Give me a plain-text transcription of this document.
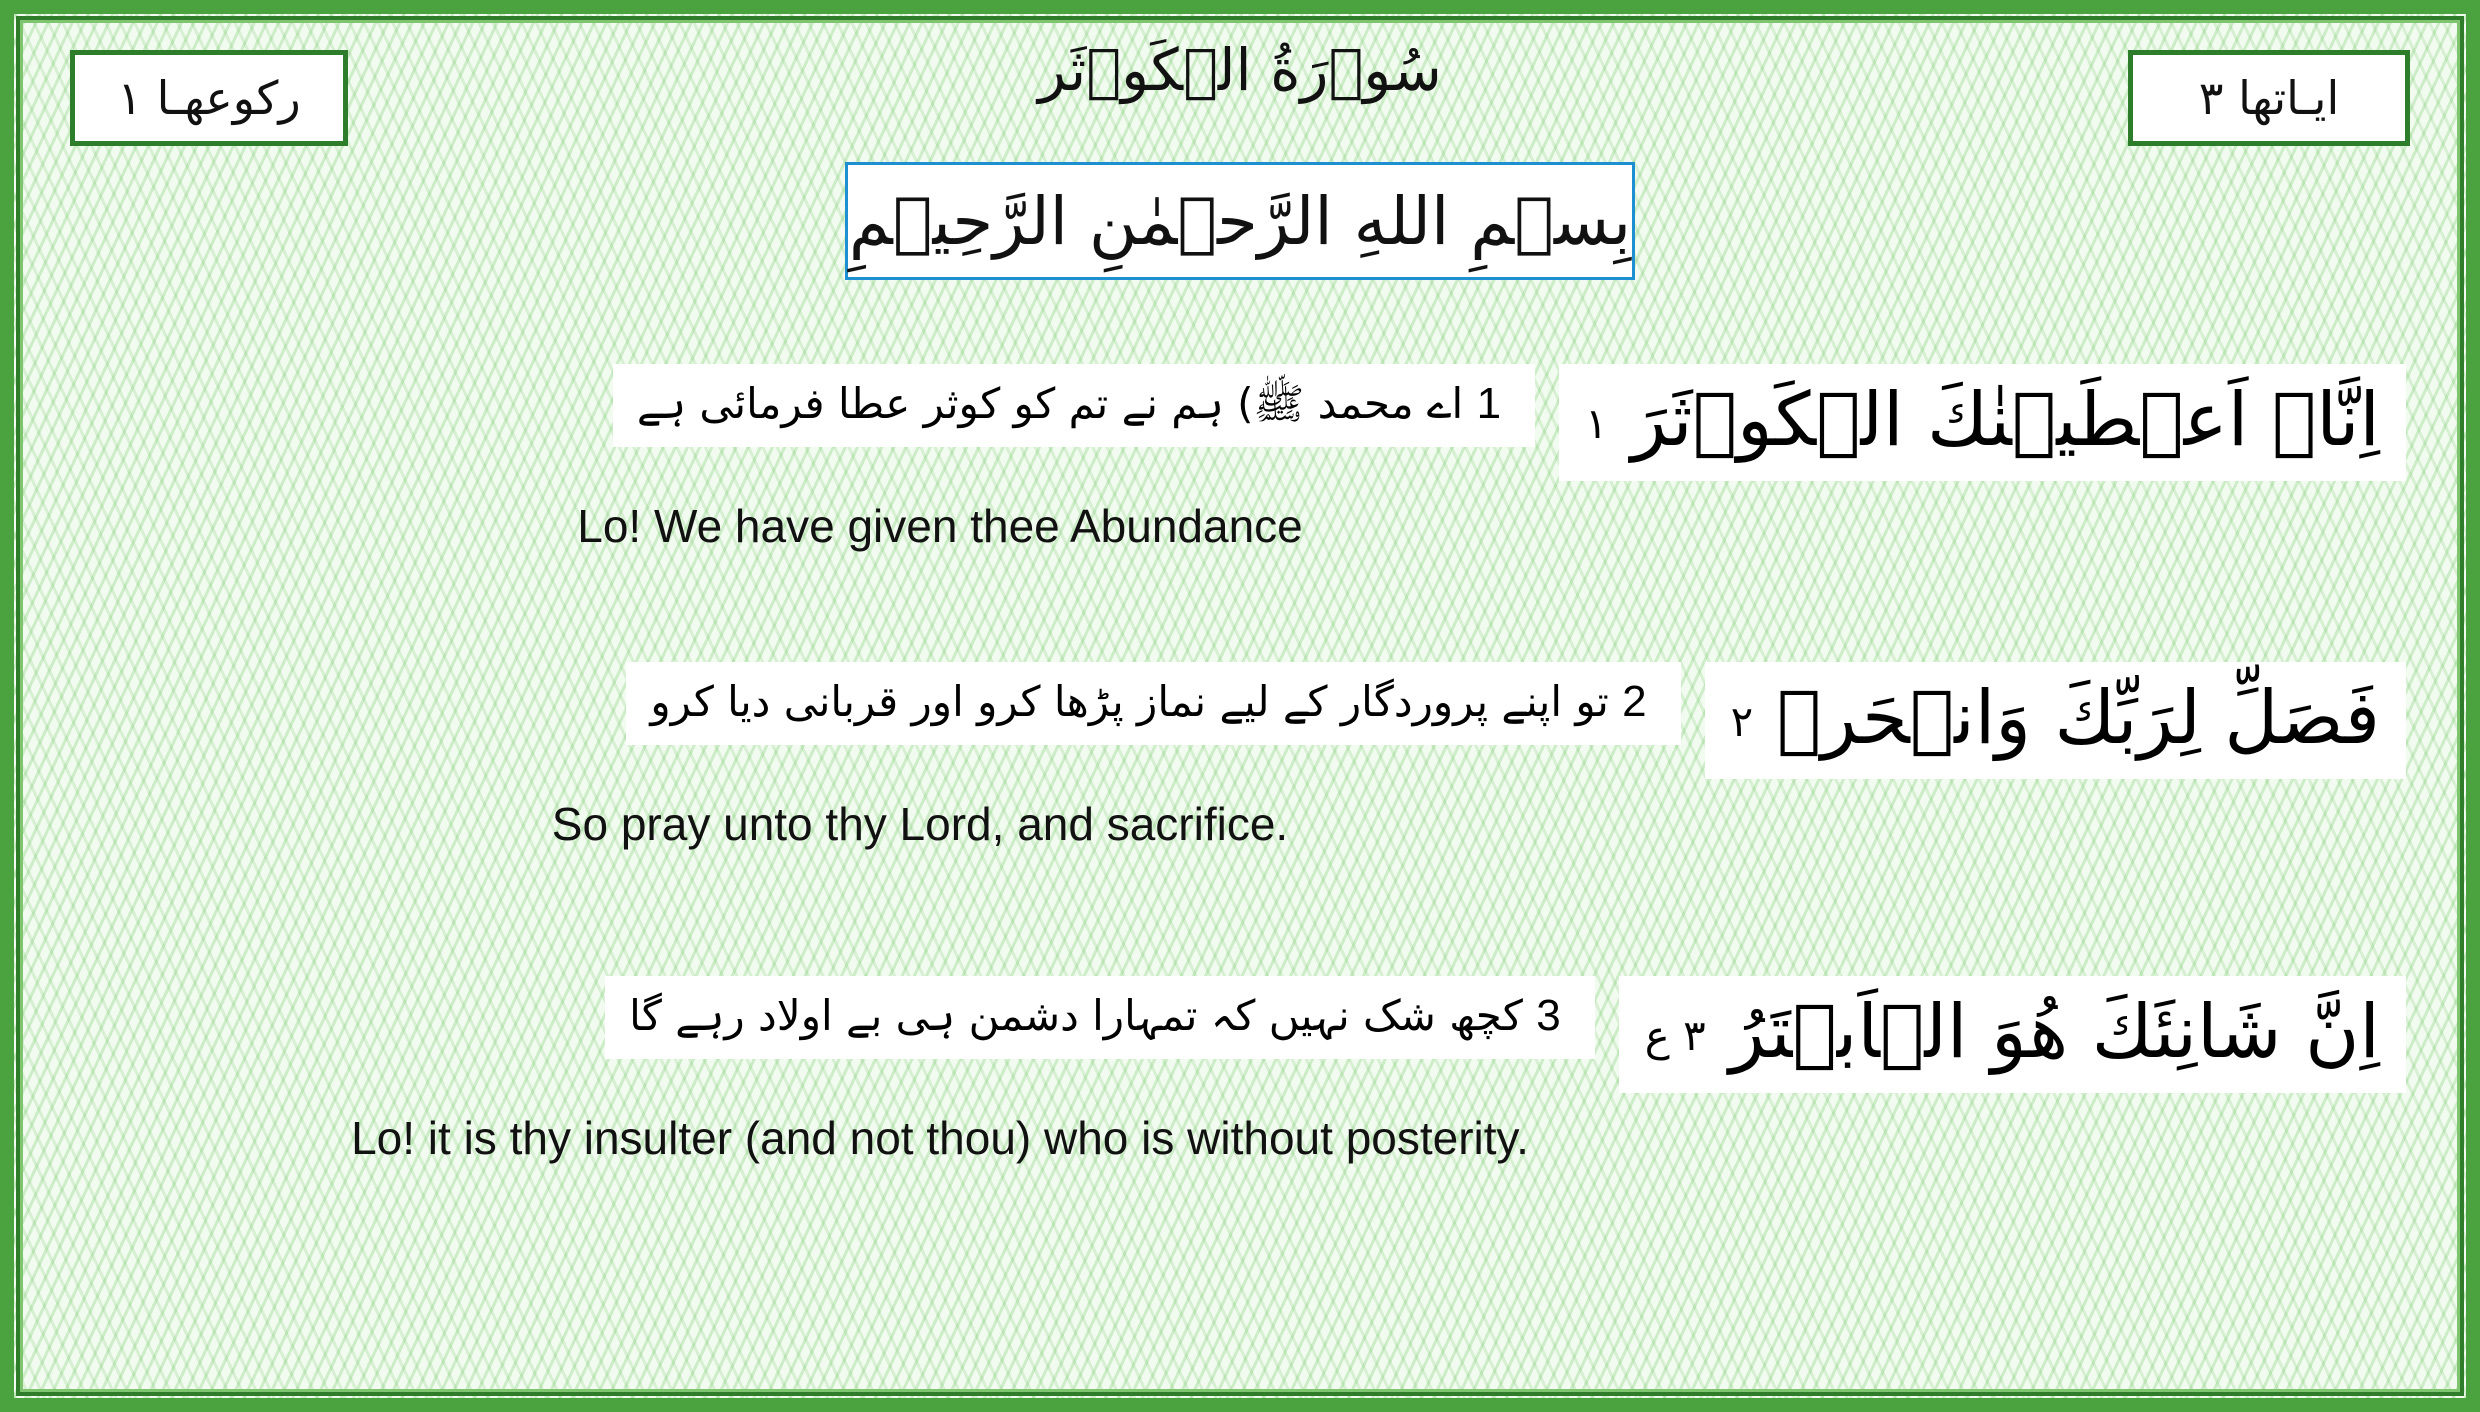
رکوعهـا ۱	ایـاتها ۳
سُوۡرَةُ الۡکَوۡثَر
بِسۡمِ اللهِ الرَّحۡمٰنِ الرَّحِیۡمِ
اِنَّاۤ اَعۡطَیۡنٰكَ الۡكَوۡثَرَ ۱
1 اے محمد ﷺ) ہم نے تم کو کوثر عطا فرمائی ہے
Lo! We have given thee Abundance
فَصَلِّ لِرَبِّكَ وَانۡحَرۡ ۲
2 تو اپنے پروردگار کے لیے نماز پڑھا کرو اور قربانی دیا کرو
So pray unto thy Lord, and sacrifice.
اِنَّ شَانِئَكَ هُوَ الۡاَبۡتَرُ ۳ ع
3 کچھ شک نہیں کہ تمہارا دشمن ہی بے اولاد رہے گا
Lo! it is thy insulter (and not thou) who is without posterity.
